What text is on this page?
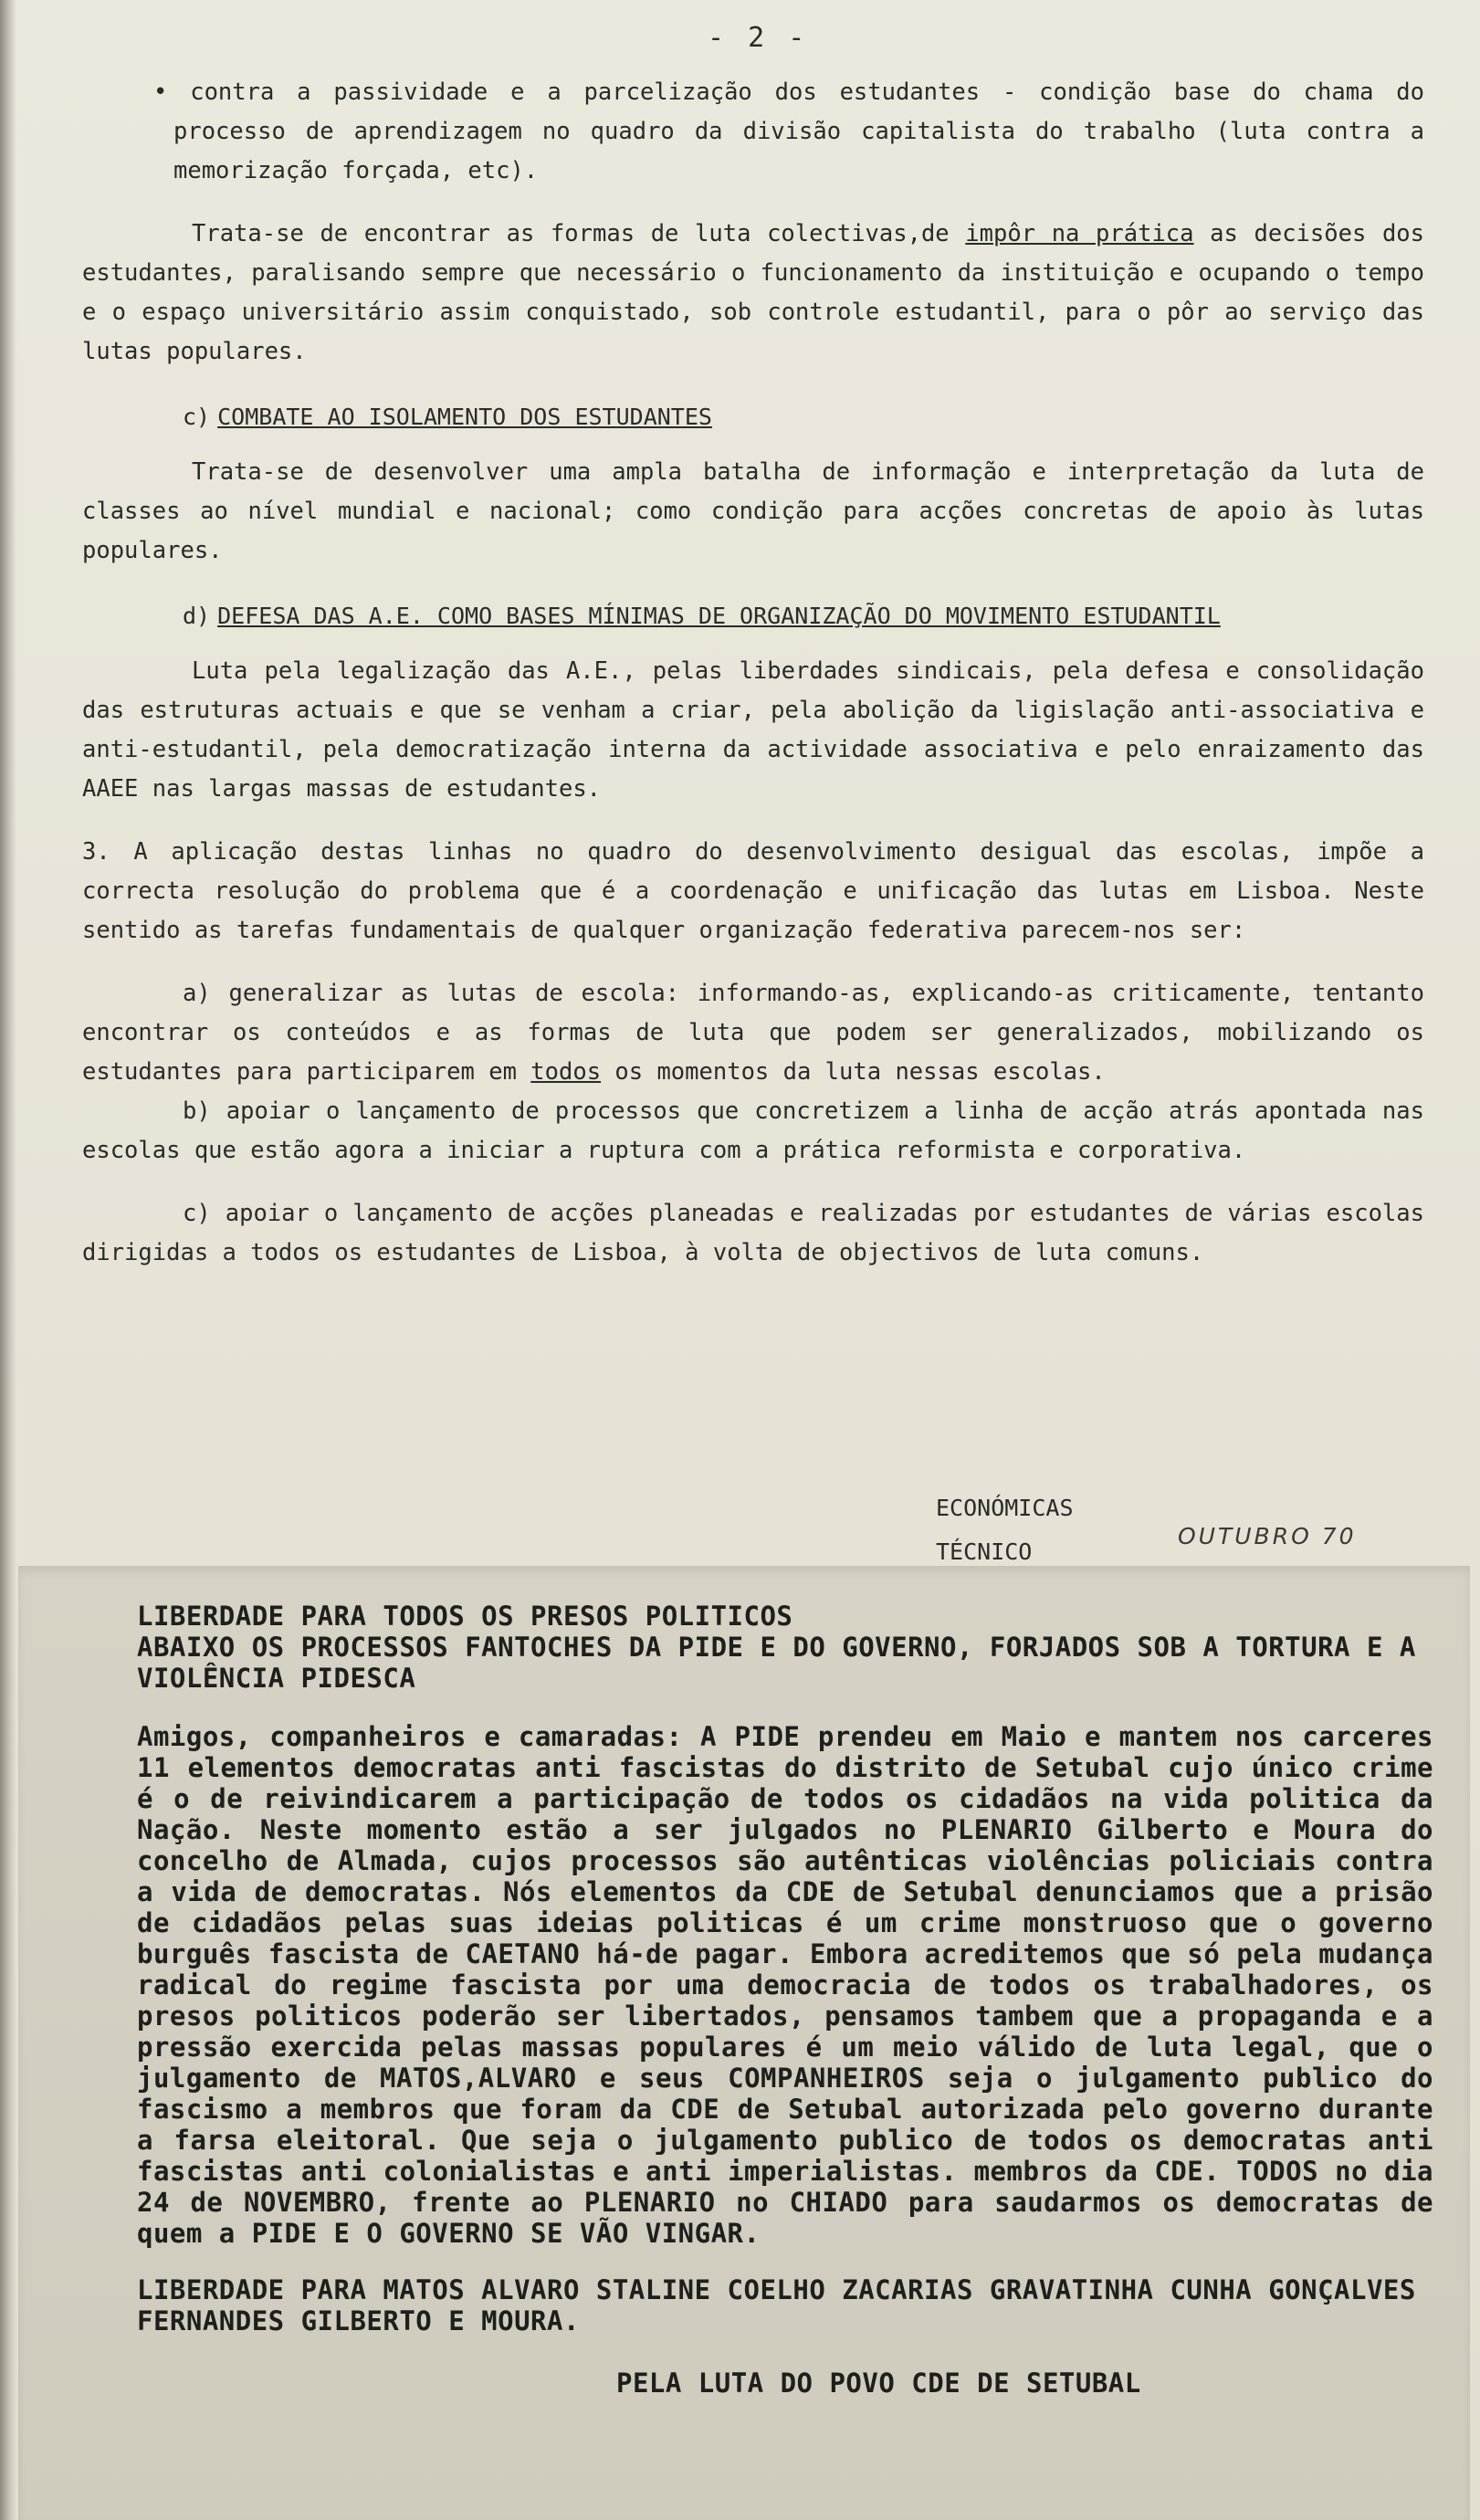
- 2 -

• contra a passividade e a parcelização dos estudantes - condição base do chama do processo de aprendizagem no quadro da divisão capitalista do trabalho (luta contra a memorização forçada, etc).

Trata-se de encontrar as formas de luta colectivas,de impôr na prática as decisões dos estudantes, paralisando sempre que necessário o funcionamento da instituição e ocupando o tempo e o espaço universitário assim conquistado, sob controle estudantil, para o pôr ao serviço das lutas populares.

c) COMBATE AO ISOLAMENTO DOS ESTUDANTES

Trata-se de desenvolver uma ampla batalha de informação e interpretação da luta de classes ao nível mundial e nacional; como condição para acções concretas de apoio às lutas populares.

d) DEFESA DAS A.E. COMO BASES MÍNIMAS DE ORGANIZAÇÃO DO MOVIMENTO ESTUDANTIL

Luta pela legalização das A.E., pelas liberdades sindicais, pela defesa e consolidação das estruturas actuais e que se venham a criar, pela abolição da ligislação anti-associativa e anti-estudantil, pela democratização interna da actividade associativa e pelo enraizamento das AAEE nas largas massas de estudantes.

3. A aplicação destas linhas no quadro do desenvolvimento desigual das escolas, impõe a correcta resolução do problema que é a coordenação e unificação das lutas em Lisboa. Neste sentido as tarefas fundamentais de qualquer organização federativa parecem-nos ser:

a) generalizar as lutas de escola: informando-as, explicando-as criticamente, tentanto encontrar os conteúdos e as formas de luta que podem ser generalizados, mobilizando os estudantes para participarem em todos os momentos da luta nessas escolas.

b) apoiar o lançamento de processos que concretizem a linha de acção atrás apontada nas escolas que estão agora a iniciar a ruptura com a prática reformista e corporativa.

c) apoiar o lançamento de acções planeadas e realizadas por estudantes de várias escolas dirigidas a todos os estudantes de Lisboa, à volta de objectivos de luta comuns.

ECONÓMICAS
TÉCNICO
OUTUBRO 70

LIBERDADE PARA TODOS OS PRESOS POLITICOS

ABAIXO OS PROCESSOS FANTOCHES DA PIDE E DO GOVERNO, FORJADOS SOB A TORTURA E A VIOLÊNCIA PIDESCA

Amigos, companheiros e camaradas: A PIDE prendeu em Maio e mantem nos carceres 11 elementos democratas anti fascistas do distrito de Setubal cujo único crime é o de reivindicarem a participação de todos os cidadãos na vida politica da Nação. Neste momento estão a ser julgados no PLENARIO Gilberto e Moura do concelho de Almada, cujos processos são autênticas violências policiais contra a vida de democratas. Nós elementos da CDE de Setubal denunciamos que a prisão de cidadãos pelas suas ideias politicas é um crime monstruoso que o governo burguês fascista de CAETANO há-de pagar. Embora acreditemos que só pela mudança radical do regime fascista por uma democracia de todos os trabalhadores, os presos politicos poderão ser libertados, pensamos tambem que a propaganda e a pressão exercida pelas massas populares é um meio válido de luta legal, que o julgamento de MATOS,ALVARO e seus COMPANHEIROS seja o julgamento publico do fascismo a membros que foram da CDE de Setubal autorizada pelo governo durante a farsa eleitoral. Que seja o julgamento publico de todos os democratas anti fascistas anti colonialistas e anti imperialistas. membros da CDE. TODOS no dia 24 de NOVEMBRO, frente ao PLENARIO no CHIADO para saudarmos os democratas de quem a PIDE E O GOVERNO SE VÃO VINGAR.

LIBERDADE PARA MATOS ALVARO STALINE COELHO ZACARIAS GRAVATINHA CUNHA GONÇALVES FERNANDES GILBERTO E MOURA.

PELA LUTA DO POVO CDE DE SETUBAL
